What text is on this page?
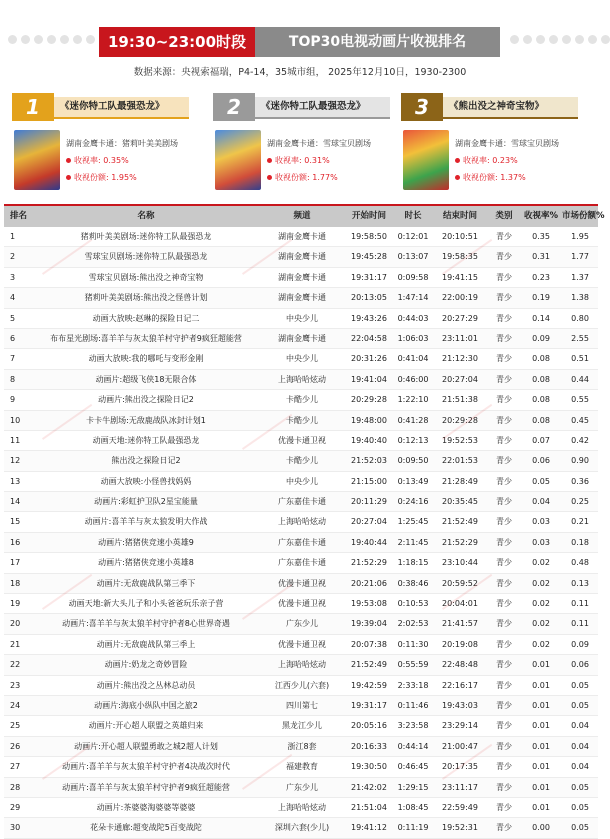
19:30~23:00时段	TOP30电视动画片收视排名
数据来源：央视索福瑞，P4-14，35城市组， 2025年12月10日，1930-2300
1	《迷你特工队最强恐龙》
湖南金鹰卡通：猪莉叶美美剧场
收视率: 0.35%
收视份额: 1.95%
2	《迷你特工队最强恐龙》
湖南金鹰卡通：雪球宝贝剧场
收视率: 0.31%
收视份额: 1.77%
3	《熊出没之神奇宝物》
湖南金鹰卡通：雪球宝贝剧场
收视率: 0.23%
收视份额: 1.37%
排名	名称	频道	开始时间	时长	结束时间	类别	收视率% 市场份额%
1	猪莉叶美美剧场:迷你特工队最强恐龙	湖南金鹰卡通	19:58:50	0:12:01	20:10:51	青少	0.35	1.95
2	雪球宝贝剧场:迷你特工队最强恐龙	湖南金鹰卡通	19:45:28	0:13:07	19:58:35	青少	0.31	1.77
3	雪球宝贝剧场:熊出没之神奇宝物	湖南金鹰卡通	19:31:17	0:09:58	19:41:15	青少	0.23	1.37
4	猪莉叶美美剧场:熊出没之怪兽计划	湖南金鹰卡通	20:13:05	1:47:14	22:00:19	青少	0.19	1.38
5	动画大放映:赵琳的探险日记二	中央少儿	19:43:26	0:44:03	20:27:29	青少	0.14	0.80
6	布布星光剧场:喜羊羊与灰太狼羊村守护者9疯狂超能营	湖南金鹰卡通	22:04:58	1:06:03	23:11:01	青少	0.09	2.55
7	动画大放映:我的哪吒与变形金刚	中央少儿	20:31:26	0:41:04	21:12:30	青少	0.08	0.51
8	动画片:超级飞侠18无限合体	上海哈哈炫动	19:41:04	0:46:00	20:27:04	青少	0.08	0.44
9	动画片:熊出没之探险日记2	卡酷少儿	20:29:28	1:22:10	21:51:38	青少	0.08	0.55
10	卡卡牛剧场:无敌鹿战队冰封计划1	卡酷少儿	19:48:00	0:41:28	20:29:28	青少	0.08	0.45
11	动画天地:迷你特工队最强恐龙	优漫卡通卫视	19:40:40	0:12:13	19:52:53	青少	0.07	0.42
12	熊出没之探险日记2	卡酷少儿	21:52:03	0:09:50	22:01:53	青少	0.06	0.90
13	动画大放映:小怪兽找妈妈	中央少儿	21:15:00	0:13:49	21:28:49	青少	0.05	0.36
14	动画片:彩虹护卫队2星宝能量	广东嘉佳卡通	20:11:29	0:24:16	20:35:45	青少	0.04	0.25
15	动画片:喜羊羊与灰太狼发明大作战	上海哈哈炫动	20:27:04	1:25:45	21:52:49	青少	0.03	0.21
16	动画片:猪猪侠竞速小英雄9	广东嘉佳卡通	19:40:44	2:11:45	21:52:29	青少	0.03	0.18
17	动画片:猪猪侠竞速小英雄8	广东嘉佳卡通	21:52:29	1:18:15	23:10:44	青少	0.02	0.48
18	动画片:无敌鹿战队第三季下	优漫卡通卫视	20:21:06	0:38:46	20:59:52	青少	0.02	0.13
19	动画天地:新大头儿子和小头爸爸玩乐亲子营	优漫卡通卫视	19:53:08	0:10:53	20:04:01	青少	0.02	0.11
20	动画片:喜羊羊与灰太狼羊村守护者8心世界奇遇	广东少儿	19:39:04	2:02:53	21:41:57	青少	0.02	0.11
21	动画片:无敌鹿战队第三季上	优漫卡通卫视	20:07:38	0:11:30	20:19:08	青少	0.02	0.09
22	动画片:奶龙之奇妙冒险	上海哈哈炫动	21:52:49	0:55:59	22:48:48	青少	0.01	0.06
23	动画片:熊出没之丛林总动员	江西少儿(六套)	19:42:59	2:33:18	22:16:17	青少	0.01	0.05
24	动画片:海底小纵队中国之旅2	四川第七	19:31:17	0:11:46	19:43:03	青少	0.01	0.05
25	动画片:开心超人联盟之英雄归来	黑龙江少儿	20:05:16	3:23:58	23:29:14	青少	0.01	0.04
26	动画片:开心超人联盟勇敢之城2超人计划	浙江8套	20:16:33	0:44:14	21:00:47	青少	0.01	0.04
27	动画片:喜羊羊与灰太狼羊村守护者4决战次时代	福建教育	19:30:50	0:46:45	20:17:35	青少	0.01	0.04
28	动画片:喜羊羊与灰太狼羊村守护者9疯狂超能营	广东少儿	21:42:02	1:29:15	23:11:17	青少	0.01	0.05
29	动画片:茶婆婆淘婆婆等婆婆	上海哈哈炫动	21:51:04	1:08:45	22:59:49	青少	0.01	0.05
30	花朵卡通廊:超变战陀5百变战陀	深圳六套(少儿)	19:41:12	0:11:19	19:52:31	青少	0.00	0.05
